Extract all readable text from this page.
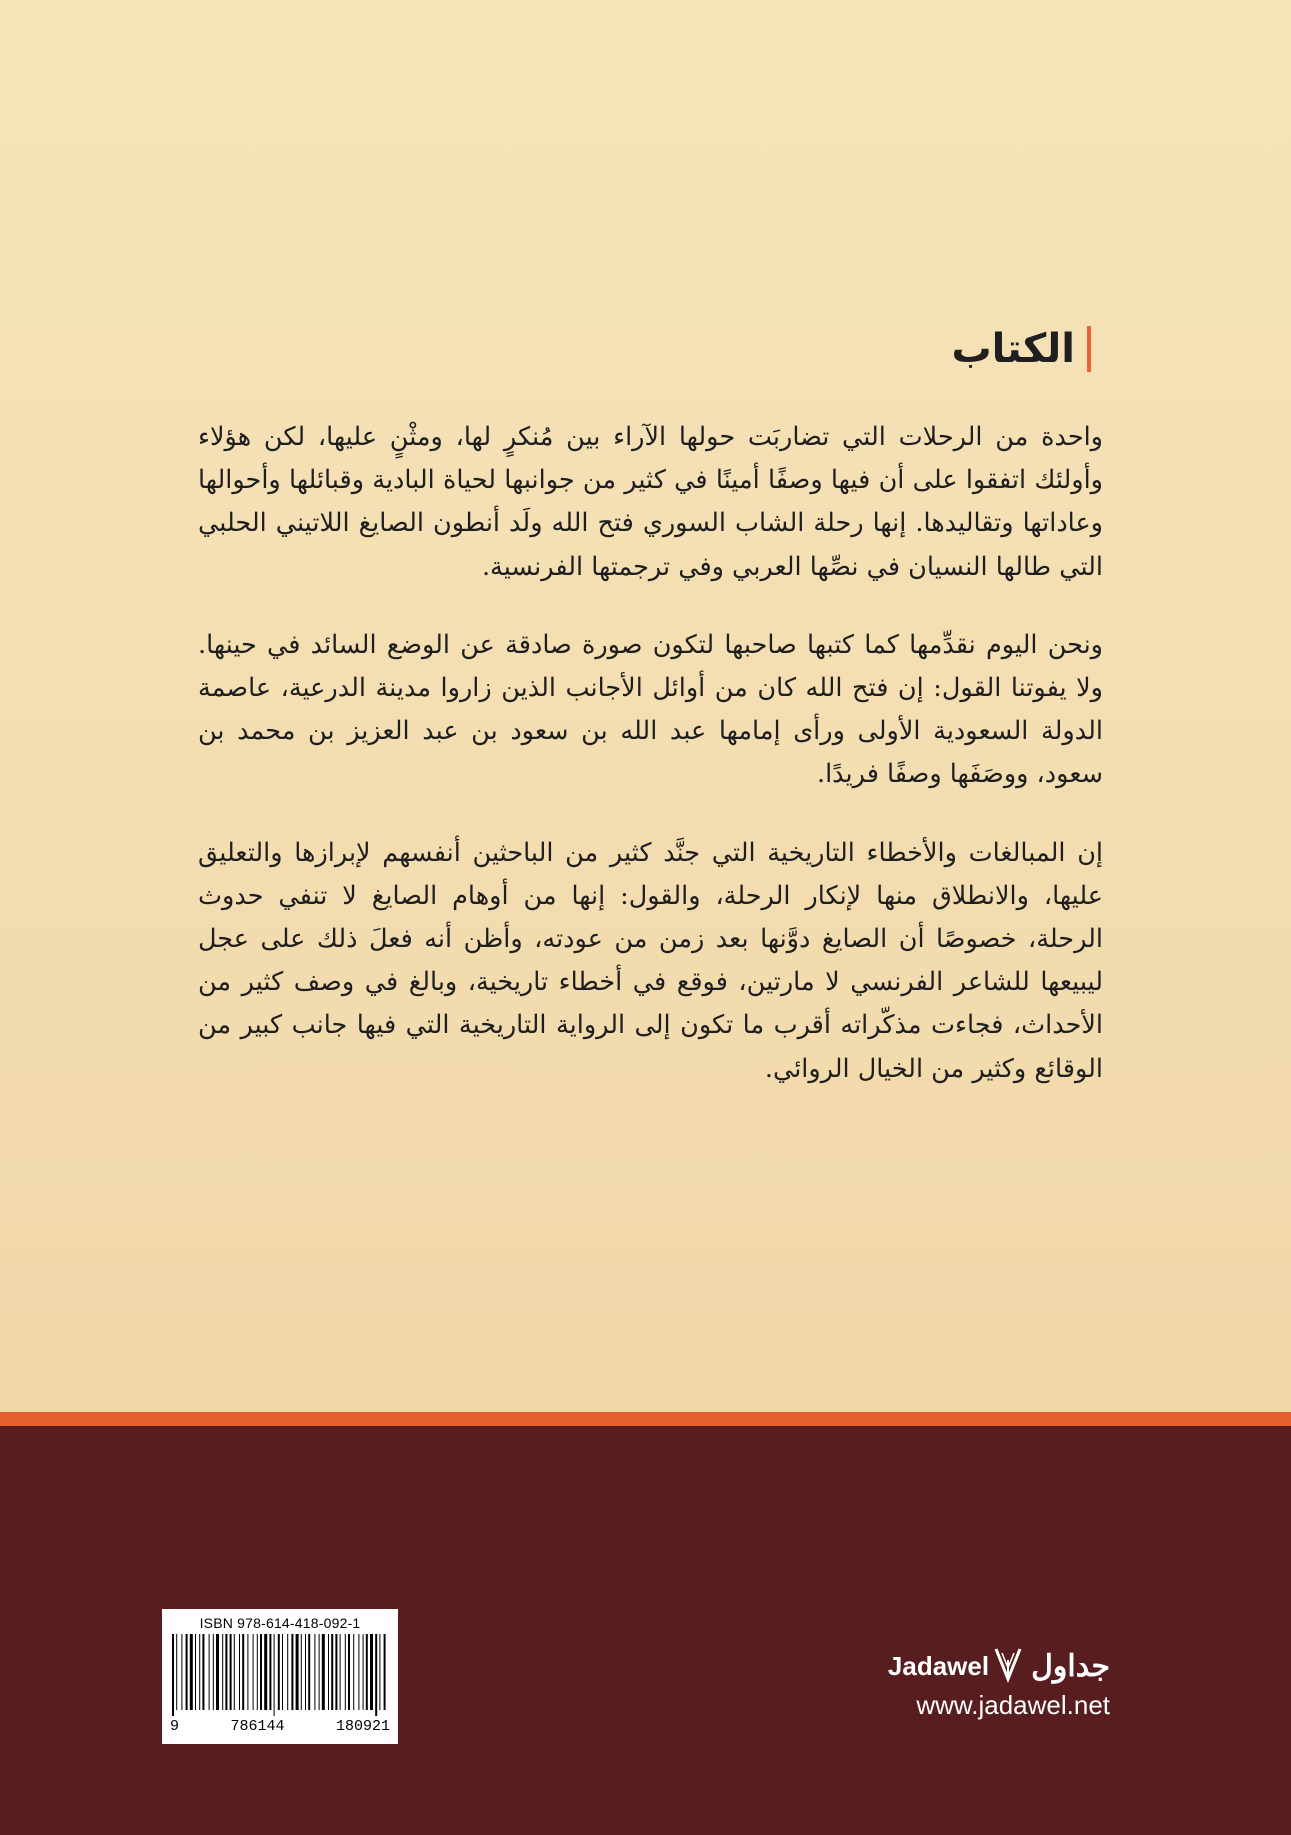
الكتاب

واحدة من الرحلات التي تضاربَت حولها الآراء بين مُنكرٍ لها، ومثْنٍ عليها، لكن هؤلاء وأولئك اتفقوا على أن فيها وصفًا أمينًا في كثير من جوانبها لحياة البادية وقبائلها وأحوالها وعاداتها وتقاليدها. إنها رحلة الشاب السوري فتح الله ولَد أنطون الصايغ اللاتيني الحلبي التي طالها النسيان في نصِّها العربي وفي ترجمتها الفرنسية.

ونحن اليوم نقدِّمها كما كتبها صاحبها لتكون صورة صادقة عن الوضع السائد في حينها. ولا يفوتنا القول: إن فتح الله كان من أوائل الأجانب الذين زاروا مدينة الدرعية، عاصمة الدولة السعودية الأولى ورأى إمامها عبد الله بن سعود بن عبد العزيز بن محمد بن سعود، ووصَفَها وصفًا فريدًا.

إن المبالغات والأخطاء التاريخية التي جنَّد كثير من الباحثين أنفسهم لإبرازها والتعليق عليها، والانطلاق منها لإنكار الرحلة، والقول: إنها من أوهام الصايغ لا تنفي حدوث الرحلة، خصوصًا أن الصايغ دوَّنها بعد زمن من عودته، وأظن أنه فعلَ ذلك على عجل ليبيعها للشاعر الفرنسي لا مارتين، فوقع في أخطاء تاريخية، وبالغ في وصف كثير من الأحداث، فجاءت مذكّراته أقرب ما تكون إلى الرواية التاريخية التي فيها جانب كبير من الوقائع وكثير من الخيال الروائي.

ISBN 978-614-418-092-1
9	786144	180921
Jadawel جداول
www.jadawel.net
